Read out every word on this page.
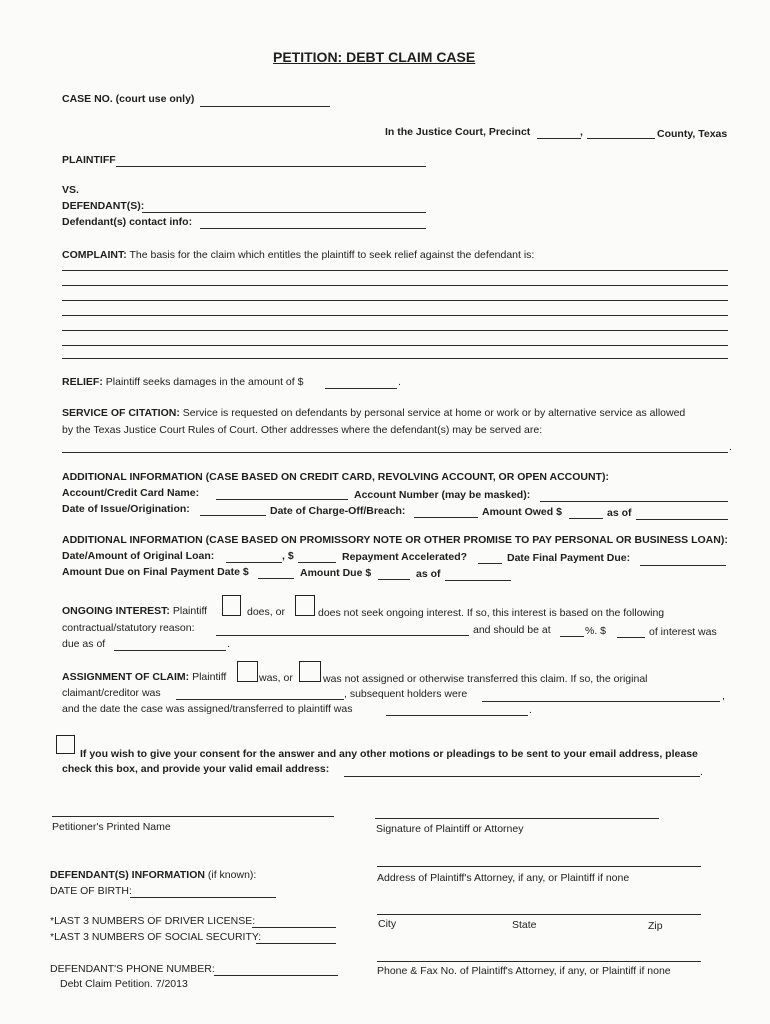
PETITION: DEBT CLAIM CASE
CASE NO. (court use only)
In the Justice Court, Precinct	,	County, Texas
PLAINTIFF
VS.
DEFENDANT(S):
Defendant(s) contact info:
COMPLAINT: The basis for the claim which entitles the plaintiff to seek relief against the defendant is:
RELIEF: Plaintiff seeks damages in the amount of $	.
SERVICE OF CITATION: Service is requested on defendants by personal service at home or work or by alternative service as allowed
by the Texas Justice Court Rules of Court. Other addresses where the defendant(s) may be served are:
.
ADDITIONAL INFORMATION (CASE BASED ON CREDIT CARD, REVOLVING ACCOUNT, OR OPEN ACCOUNT):
Account/Credit Card Name:	Account Number (may be masked):
Date of Issue/Origination:	Date of Charge-Off/Breach:	Amount Owed $	as of
ADDITIONAL INFORMATION (CASE BASED ON PROMISSORY NOTE OR OTHER PROMISE TO PAY PERSONAL OR BUSINESS LOAN):
Date/Amount of Original Loan:	, $	Repayment Accelerated?	Date Final Payment Due:
Amount Due on Final Payment Date $	Amount Due $	as of
ONGOING INTEREST: Plaintiff	does, or	does not seek ongoing interest. If so, this interest is based on the following
contractual/statutory reason:	and should be at	%. $	of interest was
due as of	.
ASSIGNMENT OF CLAIM: Plaintiff	was, or	was not assigned or otherwise transferred this claim. If so, the original
claimant/creditor was	, subsequent holders were	,
and the date the case was assigned/transferred to plaintiff was	.
If you wish to give your consent for the answer and any other motions or pleadings to be sent to your email address, please
check this box, and provide your valid email address:	.
Petitioner's Printed Name	Signature of Plaintiff or Attorney
DEFENDANT(S) INFORMATION (if known):
DATE OF BIRTH:
*LAST 3 NUMBERS OF DRIVER LICENSE:
*LAST 3 NUMBERS OF SOCIAL SECURITY:
DEFENDANT'S PHONE NUMBER:
Debt Claim Petition. 7/2013
Address of Plaintiff's Attorney, if any, or Plaintiff if none
City	State	Zip
Phone & Fax No. of Plaintiff's Attorney, if any, or Plaintiff if none
